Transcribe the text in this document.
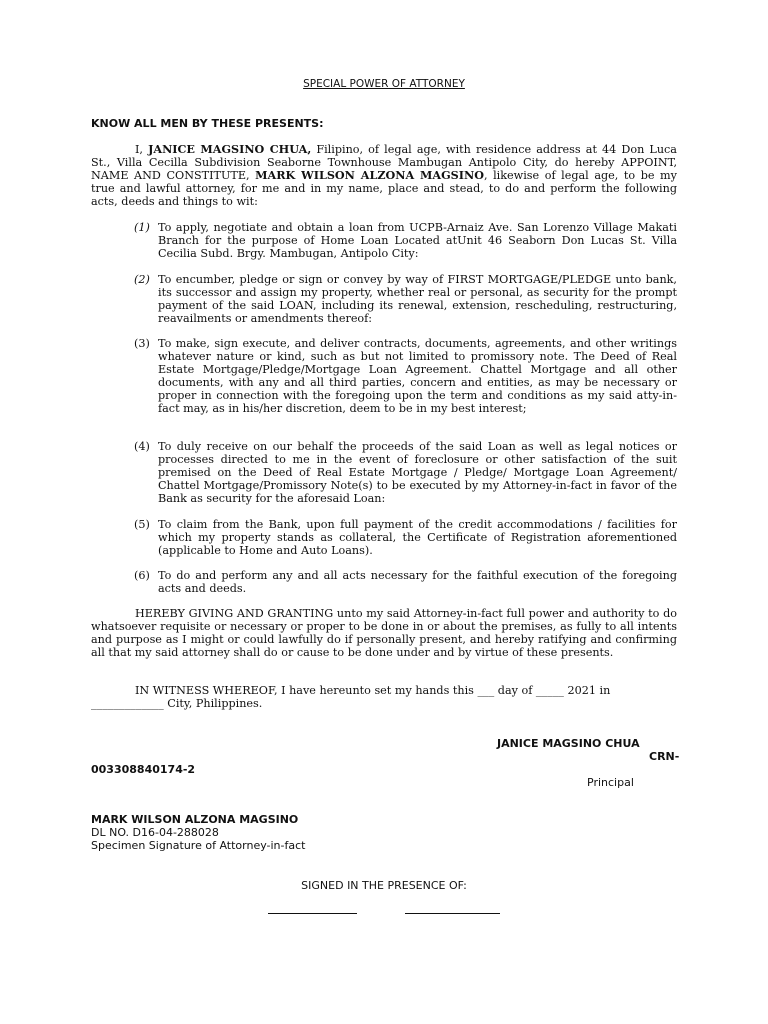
SPECIAL POWER OF ATTORNEY
KNOW ALL MEN BY THESE PRESENTS:
I, JANICE MAGSINO CHUA, Filipino, of legal age, with residence address at 44 Don Luca St., Villa Cecilla Subdivision Seaborne Townhouse Mambugan Antipolo City, do hereby APPOINT, NAME AND CONSTITUTE, MARK WILSON ALZONA MAGSINO, likewise of legal age, to be my true and lawful attorney, for me and in my name, place and stead, to do and perform the following acts, deeds and things to wit:
(1) To apply, negotiate and obtain a loan from UCPB-Arnaiz Ave. San Lorenzo Village Makati Branch for the purpose of Home Loan Located atUnit 46 Seaborn Don Lucas St. Villa Cecilia Subd. Brgy. Mambugan, Antipolo City:
(2) To encumber, pledge or sign or convey by way of FIRST MORTGAGE/PLEDGE unto bank, its successor and assign my property, whether real or personal, as security for the prompt payment of the said LOAN, including its renewal, extension, rescheduling, restructuring, reavailments or amendments thereof:
(3) To make, sign execute, and deliver contracts, documents, agreements, and other writings whatever nature or kind, such as but not limited to promissory note. The Deed of Real Estate Mortgage/Pledge/Mortgage Loan Agreement. Chattel Mortgage and all other documents, with any and all third parties, concern and entities, as may be necessary or proper in connection with the foregoing upon the term and conditions as my said atty-in-fact may, as in his/her discretion, deem to be in my best interest;
(4) To duly receive on our behalf the proceeds of the said Loan as well as legal notices or processes directed to me in the event of foreclosure or other satisfaction of the suit premised on the Deed of Real Estate Mortgage / Pledge/ Mortgage Loan Agreement/ Chattel Mortgage/Promissory Note(s) to be executed by my Attorney-in-fact in favor of the Bank as security for the aforesaid Loan:
(5) To claim from the Bank, upon full payment of the credit accommodations / facilities for which my property stands as collateral, the Certificate of Registration aforementioned (applicable to Home and Auto Loans).
(6) To do and perform any and all acts necessary for the faithful execution of the foregoing acts and deeds.
HEREBY GIVING AND GRANTING unto my said Attorney-in-fact full power and authority to do whatsoever requisite or necessary or proper to be done in or about the premises, as fully to all intents and purpose as I might or could lawfully do if personally present, and hereby ratifying and confirming all that my said attorney shall do or cause to be done under and by virtue of these presents.
IN WITNESS WHEREOF, I have hereunto set my hands this ___ day of _____ 2021 in
_____________ City, Philippines.
JANICE MAGSINO CHUA
CRN-
003308840174-2
Principal
MARK WILSON ALZONA MAGSINO
DL NO. D16-04-288028
Specimen Signature of Attorney-in-fact
SIGNED IN THE PRESENCE OF:
